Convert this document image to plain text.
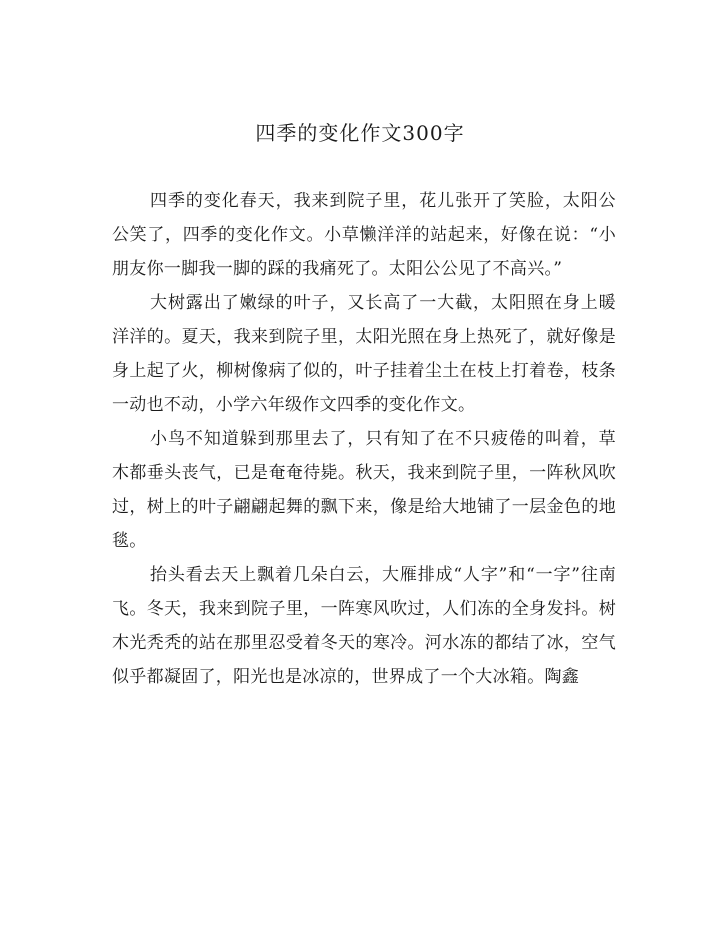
四季的变化作文300字

四季的变化春天，我来到院子里，花儿张开了笑脸，太阳公公笑了，四季的变化作文。小草懒洋洋的站起来，好像在说：“小朋友你一脚我一脚的踩的我痛死了。太阳公公见了不高兴。”

大树露出了嫩绿的叶子，又长高了一大截，太阳照在身上暖洋洋的。夏天，我来到院子里，太阳光照在身上热死了，就好像是身上起了火，柳树像病了似的，叶子挂着尘土在枝上打着卷，枝条一动也不动，小学六年级作文四季的变化作文。

小鸟不知道躲到那里去了，只有知了在不只疲倦的叫着，草木都垂头丧气，已是奄奄待毙。秋天，我来到院子里，一阵秋风吹过，树上的叶子翩翩起舞的飘下来，像是给大地铺了一层金色的地毯。

抬头看去天上飘着几朵白云，大雁排成“人字”和“一字”往南飞。冬天，我来到院子里，一阵寒风吹过，人们冻的全身发抖。树木光秃秃的站在那里忍受着冬天的寒冷。河水冻的都结了冰，空气似乎都凝固了，阳光也是冰凉的，世界成了一个大冰箱。陶鑫
